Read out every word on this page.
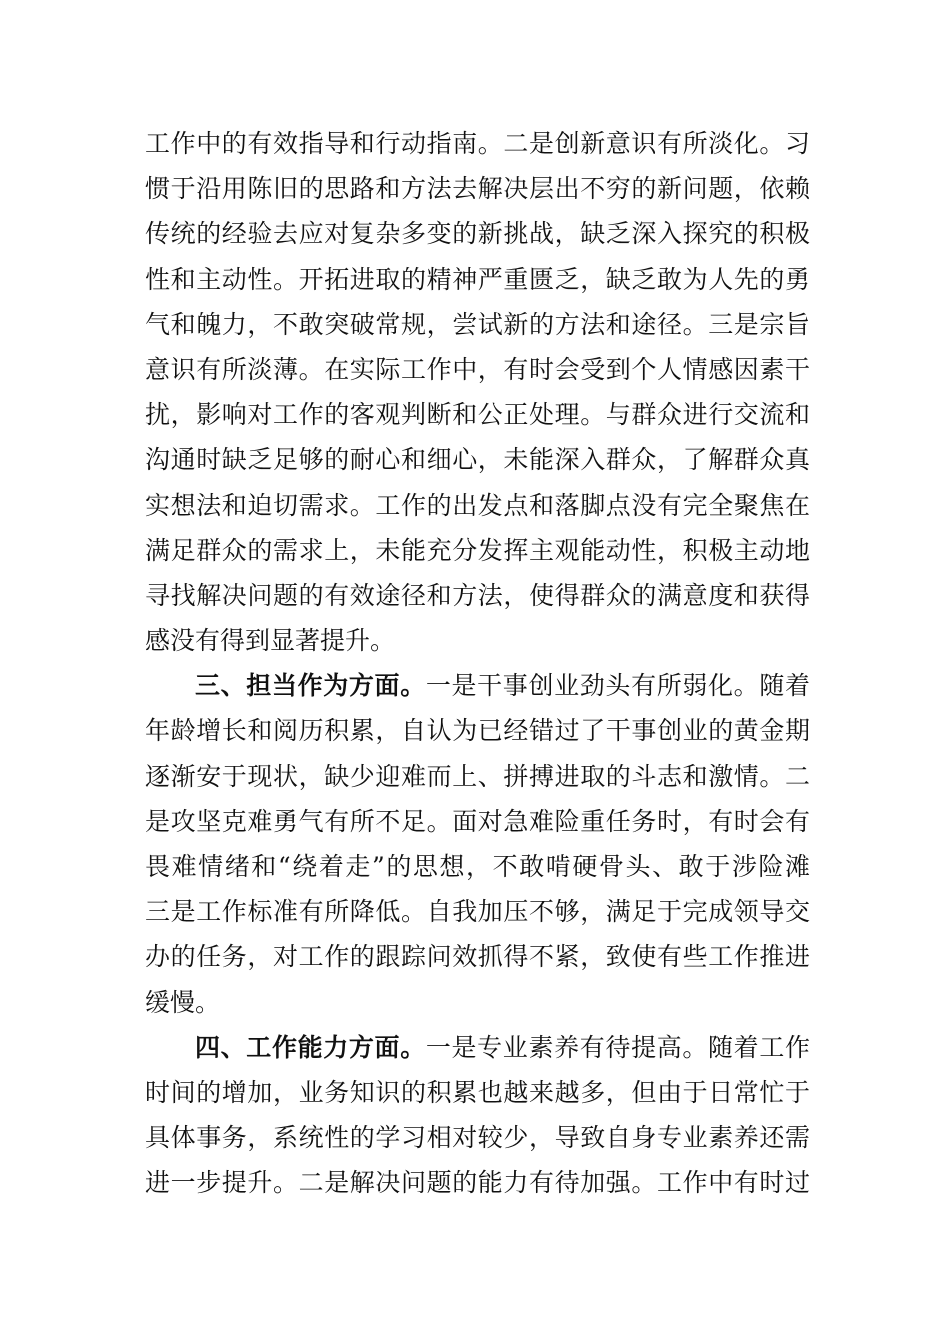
工作中的有效指导和行动指南。二是创新意识有所淡化。习
惯于沿用陈旧的思路和方法去解决层出不穷的新问题，依赖
传统的经验去应对复杂多变的新挑战，缺乏深入探究的积极
性和主动性。开拓进取的精神严重匮乏，缺乏敢为人先的勇
气和魄力，不敢突破常规，尝试新的方法和途径。三是宗旨
意识有所淡薄。在实际工作中，有时会受到个人情感因素干
扰，影响对工作的客观判断和公正处理。与群众进行交流和
沟通时缺乏足够的耐心和细心，未能深入群众，了解群众真
实想法和迫切需求。工作的出发点和落脚点没有完全聚焦在
满足群众的需求上，未能充分发挥主观能动性，积极主动地
寻找解决问题的有效途径和方法，使得群众的满意度和获得
感没有得到显著提升。
三、担当作为方面。一是干事创业劲头有所弱化。随着
年龄增长和阅历积累，自认为已经错过了干事创业的黄金期
逐渐安于现状，缺少迎难而上、拼搏进取的斗志和激情。二
是攻坚克难勇气有所不足。面对急难险重任务时，有时会有
畏难情绪和“绕着走”的思想，不敢啃硬骨头、敢于涉险滩
三是工作标准有所降低。自我加压不够，满足于完成领导交
办的任务，对工作的跟踪问效抓得不紧，致使有些工作推进
缓慢。
四、工作能力方面。一是专业素养有待提高。随着工作
时间的增加，业务知识的积累也越来越多，但由于日常忙于
具体事务，系统性的学习相对较少，导致自身专业素养还需
进一步提升。二是解决问题的能力有待加强。工作中有时过
